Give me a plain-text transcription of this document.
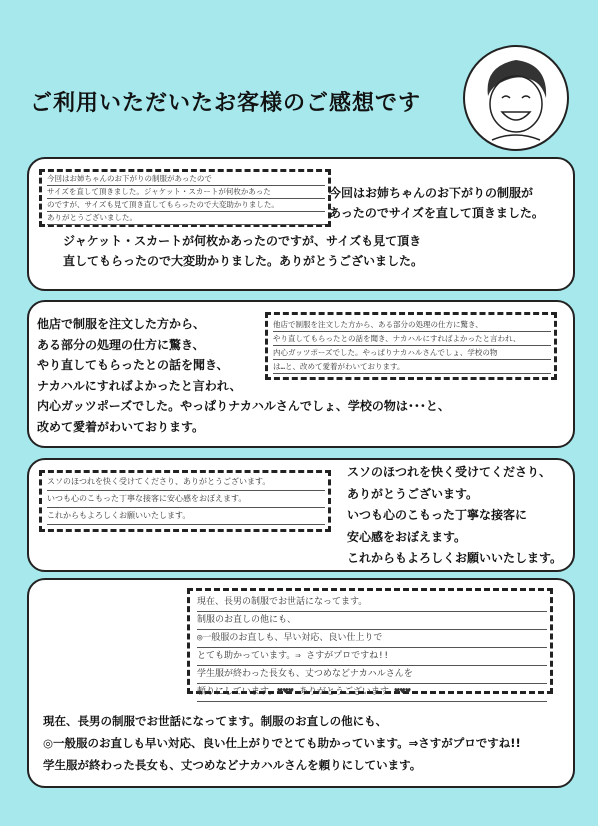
ご利用いただいたお客様のご感想です
今回はお姉ちゃんのお下がりの制服があったので
サイズを直して頂きました。ジャケット・スカートが何枚かあった
のですが、サイズも見て頂き直してもらったので大変助かりました。
ありがとうございました。
今回はお姉ちゃんのお下がりの制服が
あったのでサイズを直して頂きました。
ジャケット・スカートが何枚かあったのですが、サイズも見て頂き
直してもらったので大変助かりました。ありがとうございました。
他店で制服を注文した方から、ある部分の処理の仕方に驚き、
やり直してもらったとの話を聞き、ナカハルにすればよかったと言われ、
内心ガッツポーズでした。やっぱりナカハルさんでしょ、学校の物
は…と、改めて愛着がわいております。
他店で制服を注文した方から、
ある部分の処理の仕方に驚き、
やり直してもらったとの話を聞き、
ナカハルにすればよかったと言われ、
内心ガッツポーズでした。やっぱりナカハルさんでしょ、学校の物は･･･と、
改めて愛着がわいております。
スソのほつれを快く受けてくださり、ありがとうございます。
いつも心のこもった丁寧な接客に安心感をおぼえます。
これからもよろしくお願いいたします。
スソのほつれを快く受けてくださり、
ありがとうございます。
いつも心のこもった丁寧な接客に
安心感をおぼえます。
これからもよろしくお願いいたします。
現在、長男の制服でお世話になってます。
制服のお直しの他にも、
◎一般服のお直しも、早い対応、良い仕上りで
とても助かっています。⇒ さすがプロですね!!
学生服が終わった長女も、丈つめなどナカハルさんを
頼りにしています。♥♥♥ ありがとうございます ♥♥♥
現在、長男の制服でお世話になってます。制服のお直しの他にも、
◎一般服のお直しも早い対応、良い仕上がりでとても助かっています。⇒さすがプロですね!!
学生服が終わった長女も、丈つめなどナカハルさんを頼りにしています。
